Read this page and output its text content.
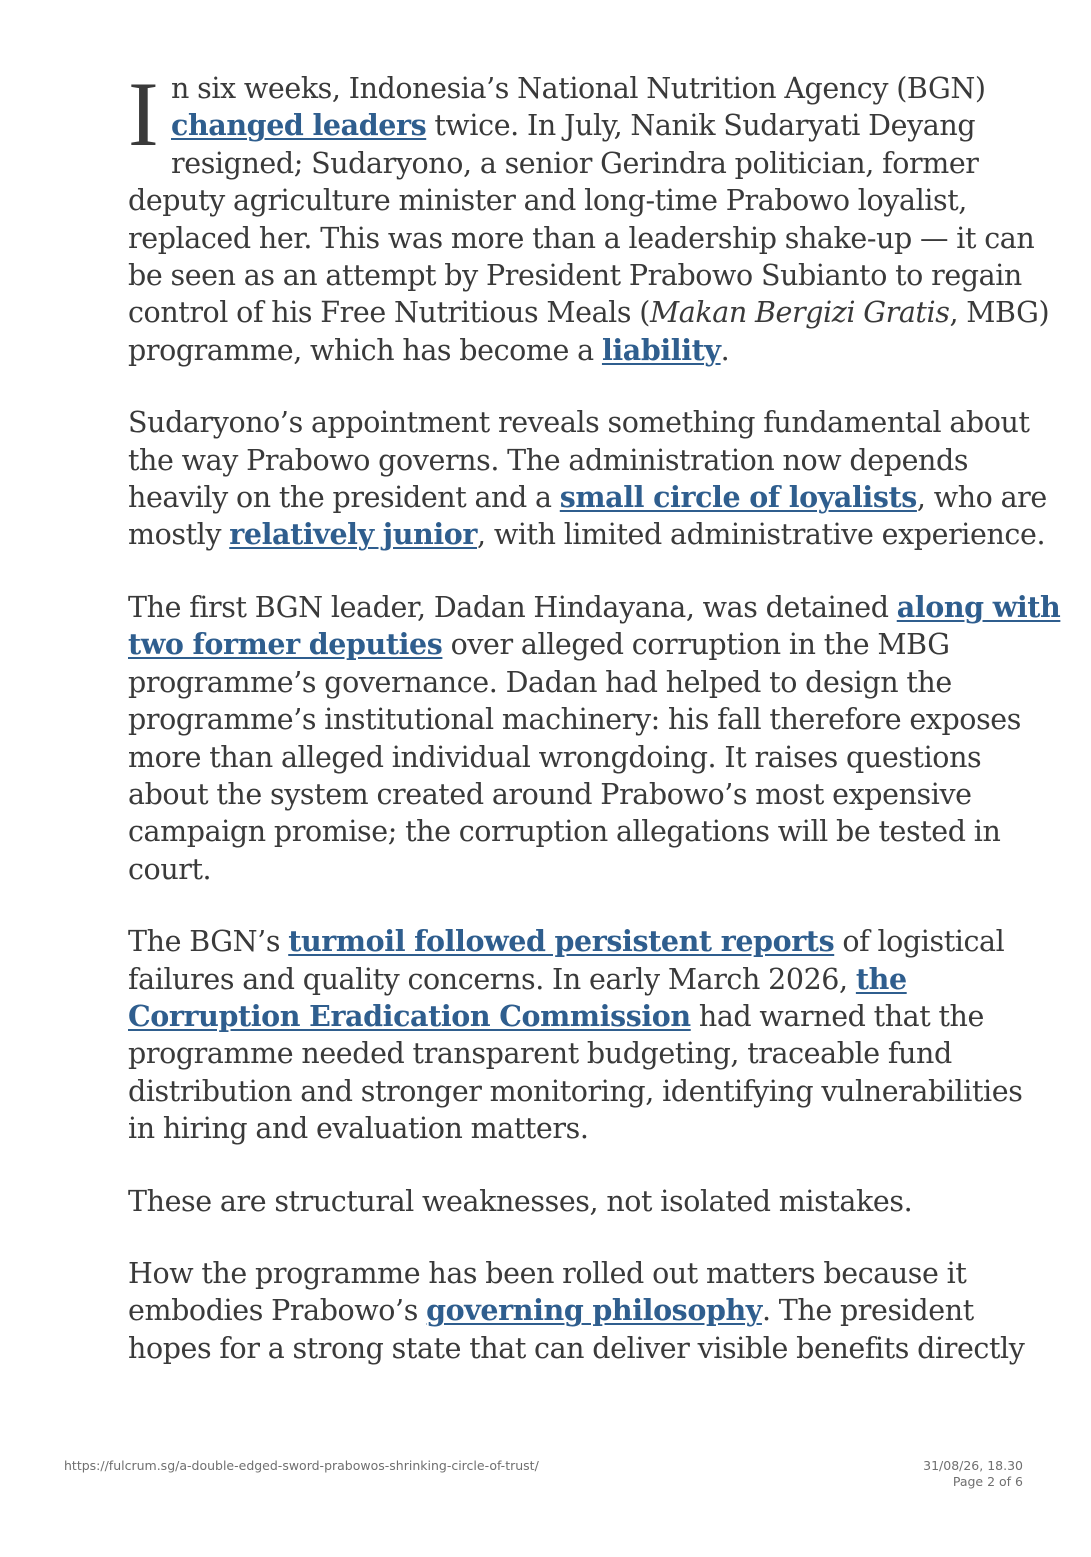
I n six weeks, Indonesia’s National Nutrition Agency (BGN)
changed leaders twice. In July, Nanik Sudaryati Deyang
resigned; Sudaryono, a senior Gerindra politician, former
deputy agriculture minister and long-time Prabowo loyalist,
replaced her. This was more than a leadership shake-up — it can
be seen as an attempt by President Prabowo Subianto to regain
control of his Free Nutritious Meals (Makan Bergizi Gratis, MBG)
programme, which has become a liability.

Sudaryono’s appointment reveals something fundamental about
the way Prabowo governs. The administration now depends
heavily on the president and a small circle of loyalists, who are
mostly relatively junior, with limited administrative experience.

The first BGN leader, Dadan Hindayana, was detained along with
two former deputies over alleged corruption in the MBG
programme’s governance. Dadan had helped to design the
programme’s institutional machinery: his fall therefore exposes
more than alleged individual wrongdoing. It raises questions
about the system created around Prabowo’s most expensive
campaign promise; the corruption allegations will be tested in
court.

The BGN’s turmoil followed persistent reports of logistical
failures and quality concerns. In early March 2026, the
Corruption Eradication Commission had warned that the
programme needed transparent budgeting, traceable fund
distribution and stronger monitoring, identifying vulnerabilities
in hiring and evaluation matters.

These are structural weaknesses, not isolated mistakes.

How the programme has been rolled out matters because it
embodies Prabowo’s governing philosophy. The president
hopes for a strong state that can deliver visible benefits directly

https://fulcrum.sg/a-double-edged-sword-prabowos-shrinking-circle-of-trust/	31/08/26, 18.30
Page 2 of 6
